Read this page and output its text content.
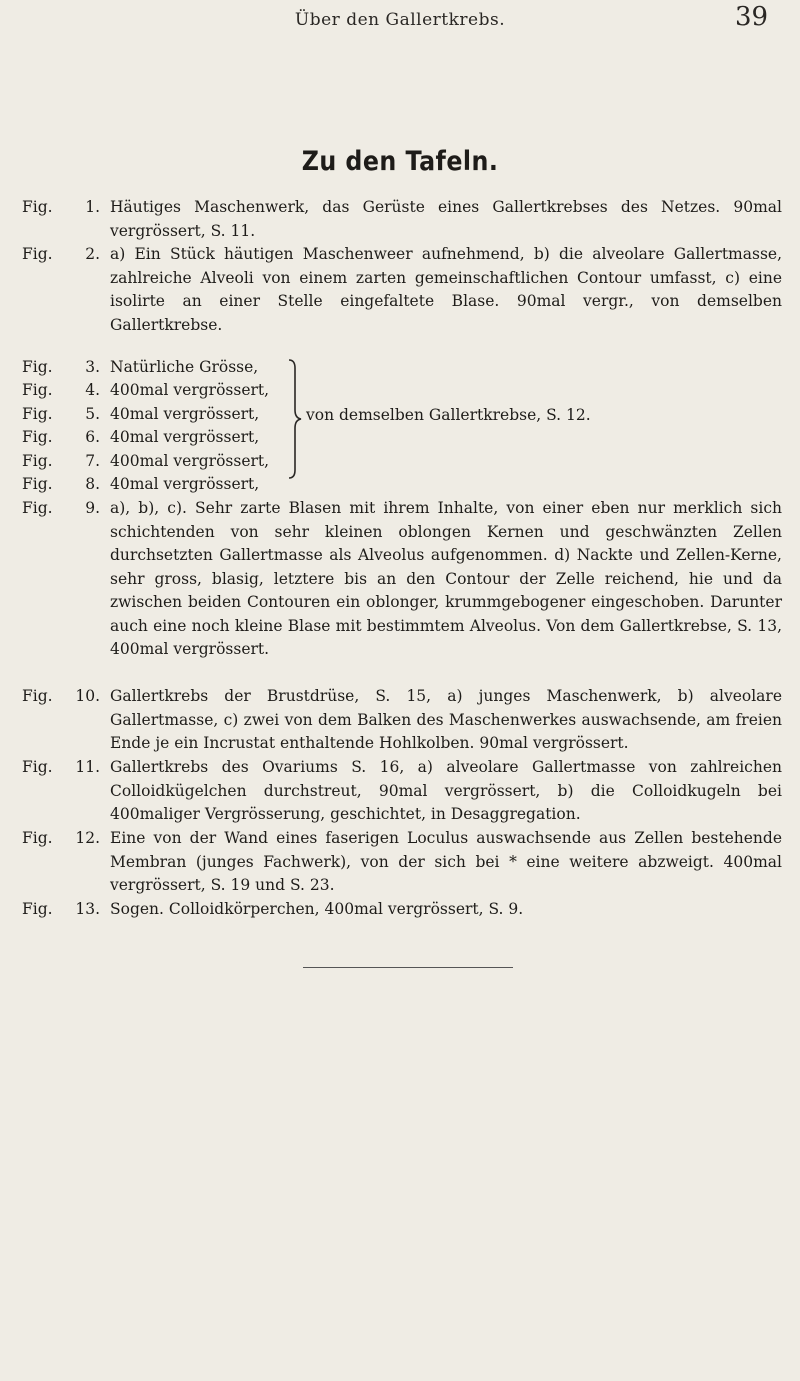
Über den Gallertkrebs.	39
Zu den Tafeln.
Fig.	1. Häutiges Maschenwerk, das Gerüste eines Gallertkrebses des Netzes. 90mal vergrössert, S. 11.
Fig.	2. a) Ein Stück häutigen Maschenweer aufnehmend, b) die alveolare Gallertmasse, zahlreiche Alveoli von einem zarten gemeinschaftlichen Contour umfasst, c) eine isolirte an einer Stelle eingefaltete Blase. 90mal vergr., von demselben Gallertkrebse.
Fig.	3. Natürliche Grösse,
Fig.	4. 400mal vergrössert,
Fig.	5. 40mal vergrössert,
Fig.	6. 40mal vergrössert,
Fig.	7. 400mal vergrössert,
Fig.	8. 40mal vergrössert,
von demselben Gallertkrebse, S. 12.
Fig.	9. a), b), c). Sehr zarte Blasen mit ihrem Inhalte, von einer eben nur merklich sich schichtenden von sehr kleinen oblongen Kernen und geschwänzten Zellen durchsetzten Gallertmasse als Alveolus aufgenommen. d) Nackte und Zellen-Kerne, sehr gross, blasig, letztere bis an den Contour der Zelle reichend, hie und da zwischen beiden Contouren ein oblonger, krummgebogener eingeschoben. Darunter auch eine noch kleine Blase mit bestimmtem Alveolus. Von dem Gallertkrebse, S. 13, 400mal vergrössert.
Fig.	10. Gallertkrebs der Brustdrüse, S. 15, a) junges Maschenwerk, b) alveolare Gallertmasse, c) zwei von dem Balken des Maschenwerkes auswachsende, am freien Ende je ein Incrustat enthaltende Hohlkolben. 90mal vergrössert.
Fig.	11. Gallertkrebs des Ovariums S. 16, a) alveolare Gallertmasse von zahlreichen Colloidkügelchen durchstreut, 90mal vergrössert, b) die Colloidkugeln bei 400maliger Vergrösserung, geschichtet, in Desaggregation.
Fig.	12. Eine von der Wand eines faserigen Loculus auswachsende aus Zellen bestehende Membran (junges Fachwerk), von der sich bei * eine weitere abzweigt. 400mal vergrössert, S. 19 und S. 23.
Fig.	13. Sogen. Colloidkörperchen, 400mal vergrössert, S. 9.
